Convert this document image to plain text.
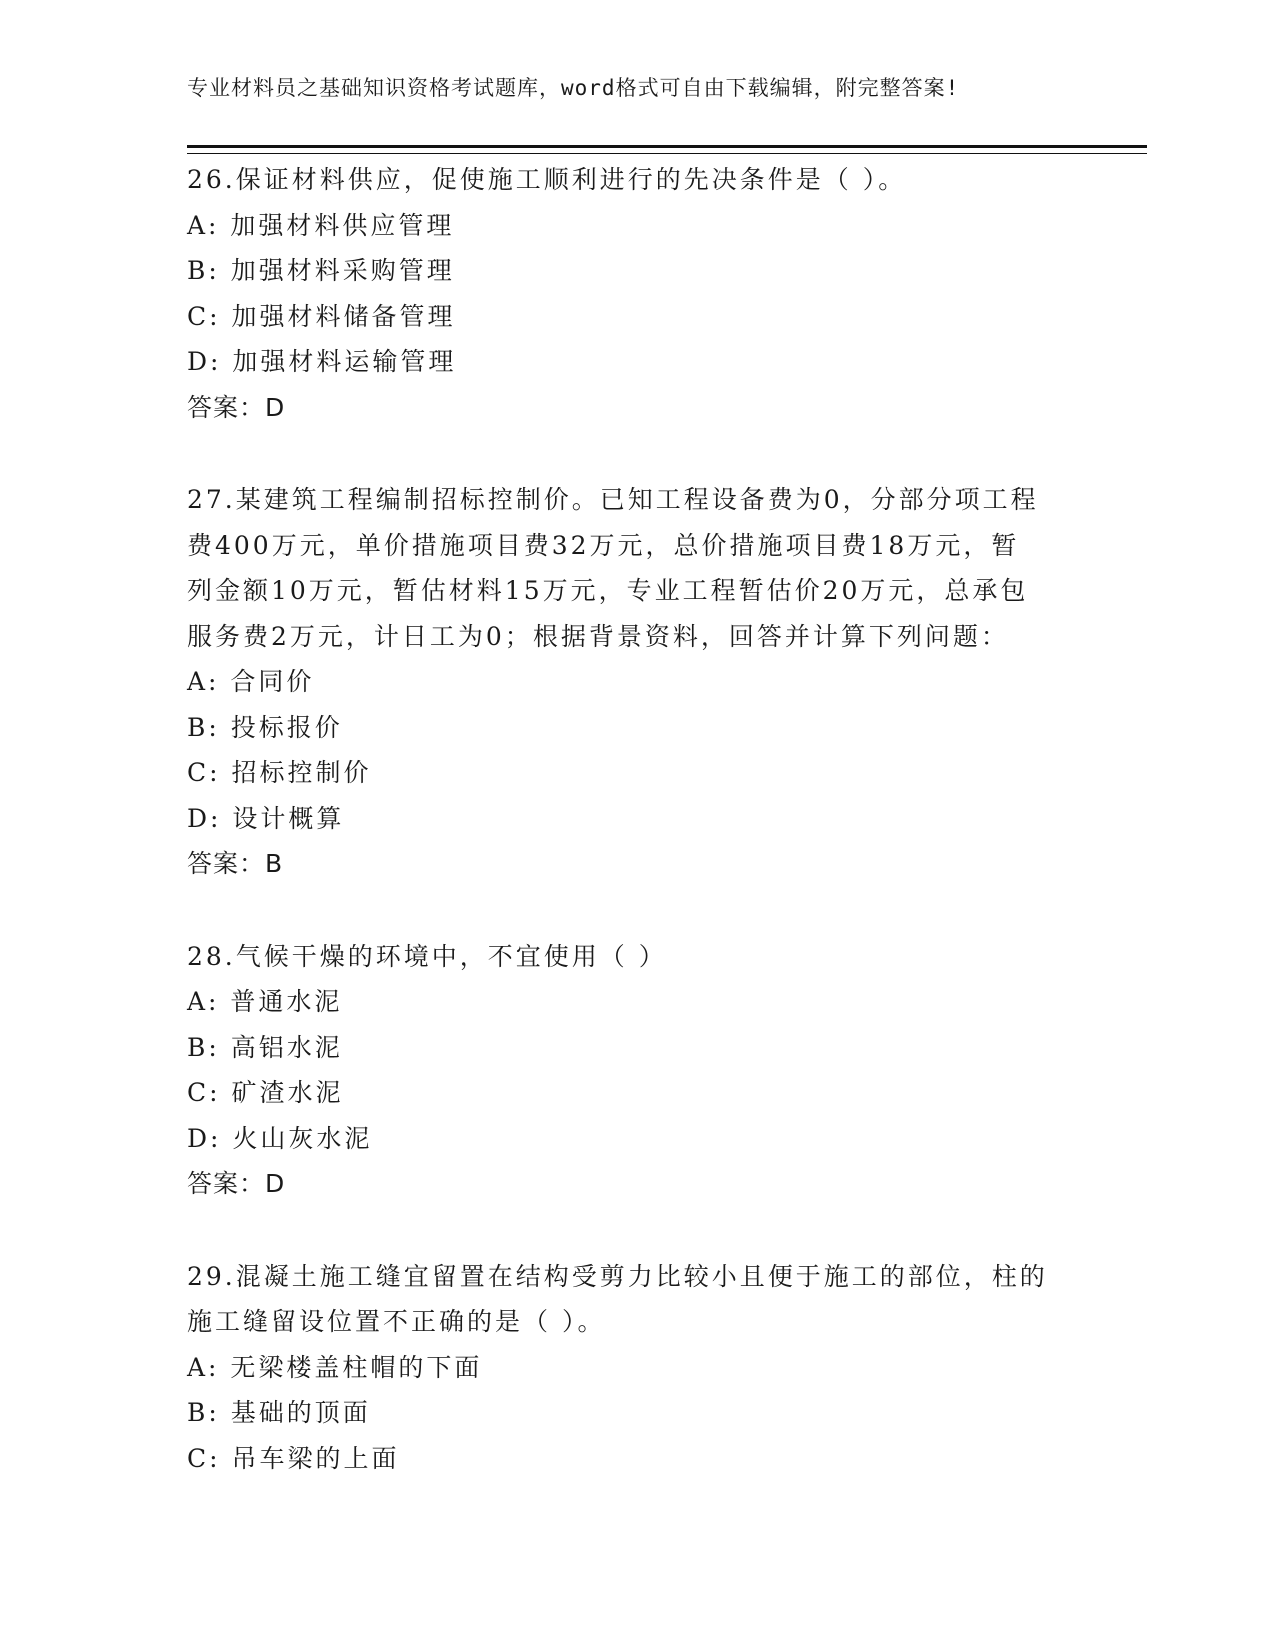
专业材料员之基础知识资格考试题库，word格式可自由下载编辑，附完整答案!
26.保证材料供应，促使施工顺利进行的先决条件是（ ）。
A: 加强材料供应管理
B: 加强材料采购管理
C: 加强材料储备管理
D: 加强材料运输管理
答案：D
27.某建筑工程编制招标控制价。已知工程设备费为0，分部分项工程
费400万元，单价措施项目费32万元，总价措施项目费18万元，暂
列金额10万元，暂估材料15万元，专业工程暂估价20万元，总承包
服务费2万元，计日工为0；根据背景资料，回答并计算下列问题：
A: 合同价
B: 投标报价
C: 招标控制价
D: 设计概算
答案：B
28.气候干燥的环境中，不宜使用（ ）
A: 普通水泥
B: 高铝水泥
C: 矿渣水泥
D: 火山灰水泥
答案：D
29.混凝土施工缝宜留置在结构受剪力比较小且便于施工的部位，柱的
施工缝留设位置不正确的是（ ）。
A: 无梁楼盖柱帽的下面
B: 基础的顶面
C: 吊车梁的上面
